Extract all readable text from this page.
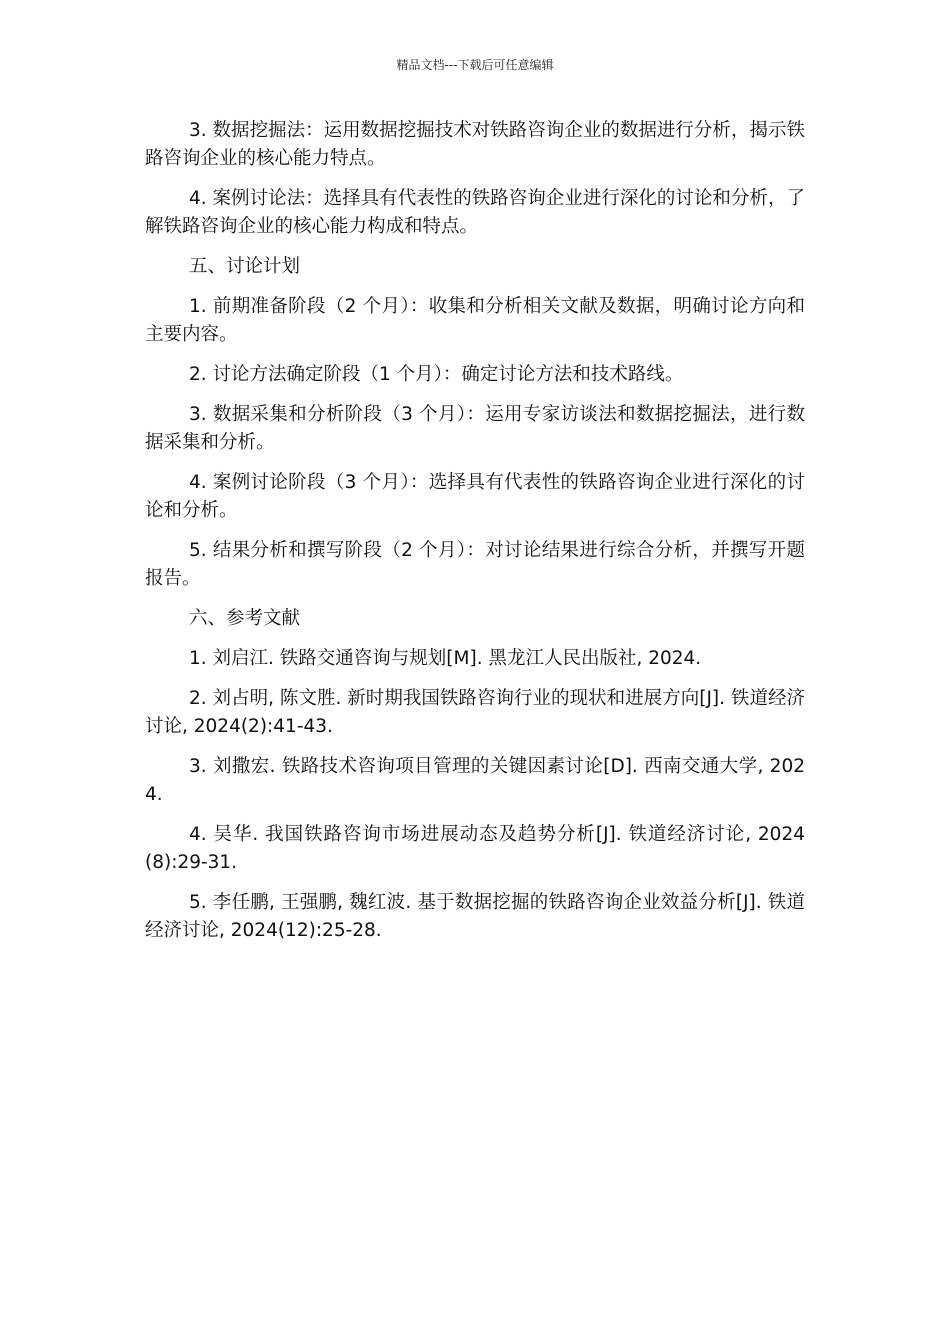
精品文档---下载后可任意编辑

3. 数据挖掘法：运用数据挖掘技术对铁路咨询企业的数据进行分析，揭示铁路咨询企业的核心能力特点。

4. 案例讨论法：选择具有代表性的铁路咨询企业进行深化的讨论和分析，了解铁路咨询企业的核心能力构成和特点。

五、讨论计划

1. 前期准备阶段（2 个月）：收集和分析相关文献及数据，明确讨论方向和主要内容。

2. 讨论方法确定阶段（1 个月）：确定讨论方法和技术路线。

3. 数据采集和分析阶段（3 个月）：运用专家访谈法和数据挖掘法，进行数据采集和分析。

4. 案例讨论阶段（3 个月）：选择具有代表性的铁路咨询企业进行深化的讨论和分析。

5. 结果分析和撰写阶段（2 个月）：对讨论结果进行综合分析，并撰写开题报告。

六、参考文献

1. 刘启江. 铁路交通咨询与规划[M]. 黑龙江人民出版社, 2024.

2. 刘占明, 陈文胜. 新时期我国铁路咨询行业的现状和进展方向[J]. 铁道经济讨论, 2024(2):41-43.

3. 刘撒宏. 铁路技术咨询项目管理的关键因素讨论[D]. 西南交通大学, 2024.

4. 吴华. 我国铁路咨询市场进展动态及趋势分析[J]. 铁道经济讨论, 2024(8):29-31.

5. 李任鹏, 王强鹏, 魏红波. 基于数据挖掘的铁路咨询企业效益分析[J]. 铁道经济讨论, 2024(12):25-28.
